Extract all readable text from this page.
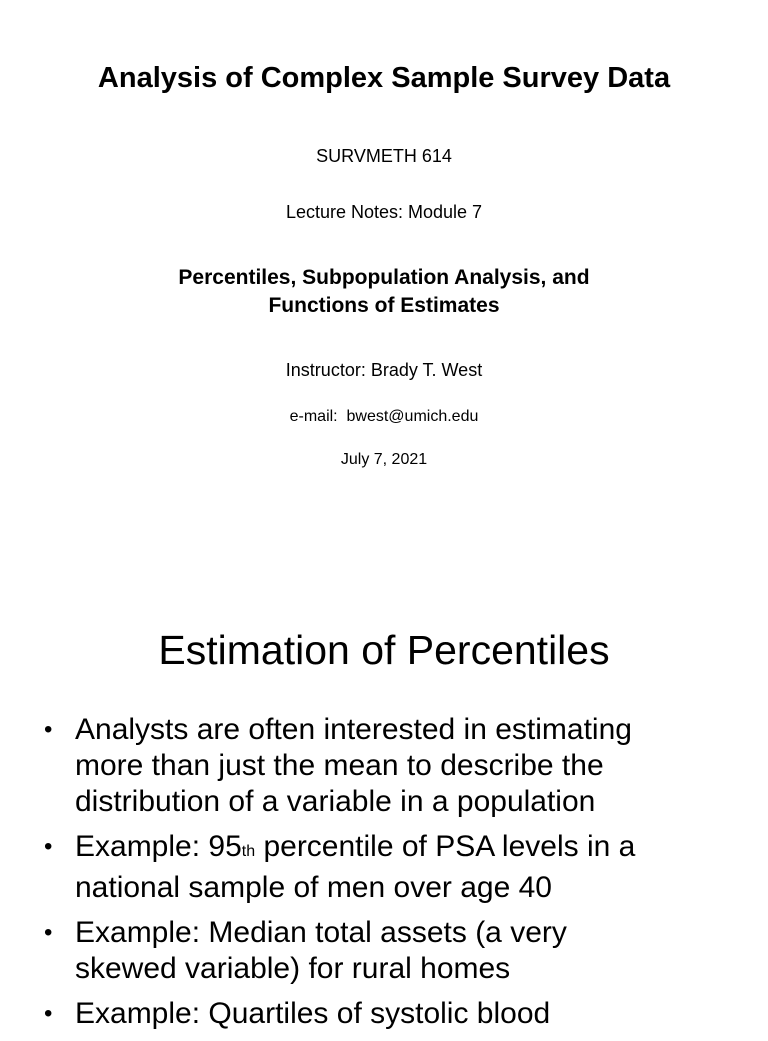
Analysis of Complex Sample Survey Data
SURVMETH 614
Lecture Notes: Module 7
Percentiles, Subpopulation Analysis, and
Functions of Estimates
Instructor: Brady T. West
e-mail:  bwest@umich.edu
July 7, 2021
Estimation of Percentiles
• Analysts are often interested in estimating
more than just the mean to describe the
distribution of a variable in a population
• Example: 95th percentile of PSA levels in a
national sample of men over age 40
• Example: Median total assets (a very
skewed variable) for rural homes
• Example: Quartiles of systolic blood
